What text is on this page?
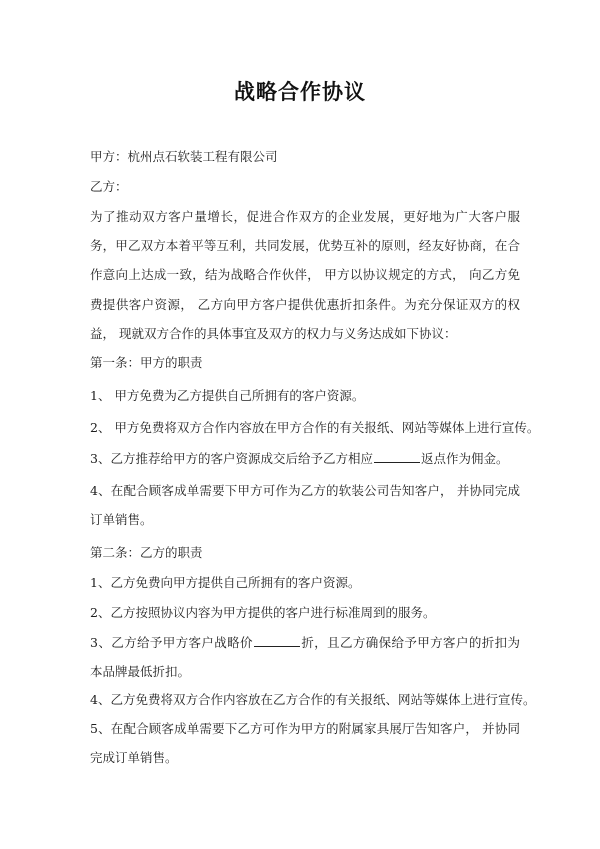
战略合作协议
甲方：杭州点石软装工程有限公司
乙方：
为了推动双方客户量增长，促进合作双方的企业发展，更好地为广大客户服务，甲乙双方本着平等互利，共同发展，优势互补的原则，经友好协商，在合作意向上达成一致，结为战略合作伙伴， 甲方以协议规定的方式， 向乙方免费提供客户资源， 乙方向甲方客户提供优惠折扣条件。为充分保证双方的权益， 现就双方合作的具体事宜及双方的权力与义务达成如下协议：
第一条：甲方的职责
1、 甲方免费为乙方提供自己所拥有的客户资源。
2、 甲方免费将双方合作内容放在甲方合作的有关报纸、网站等媒体上进行宣传。
3、乙方推荐给甲方的客户资源成交后给予乙方相应	返点作为佣金。
4、在配合顾客成单需要下甲方可作为乙方的软装公司告知客户， 并协同完成订单销售。
第二条：乙方的职责
1、乙方免费向甲方提供自己所拥有的客户资源。
2、乙方按照协议内容为甲方提供的客户进行标准周到的服务。
3、乙方给予甲方客户战略价	折，且乙方确保给予甲方客户的折扣为本品牌最低折扣。
4、乙方免费将双方合作内容放在乙方合作的有关报纸、网站等媒体上进行宣传。
5、在配合顾客成单需要下乙方可作为甲方的附属家具展厅告知客户， 并协同完成订单销售。
